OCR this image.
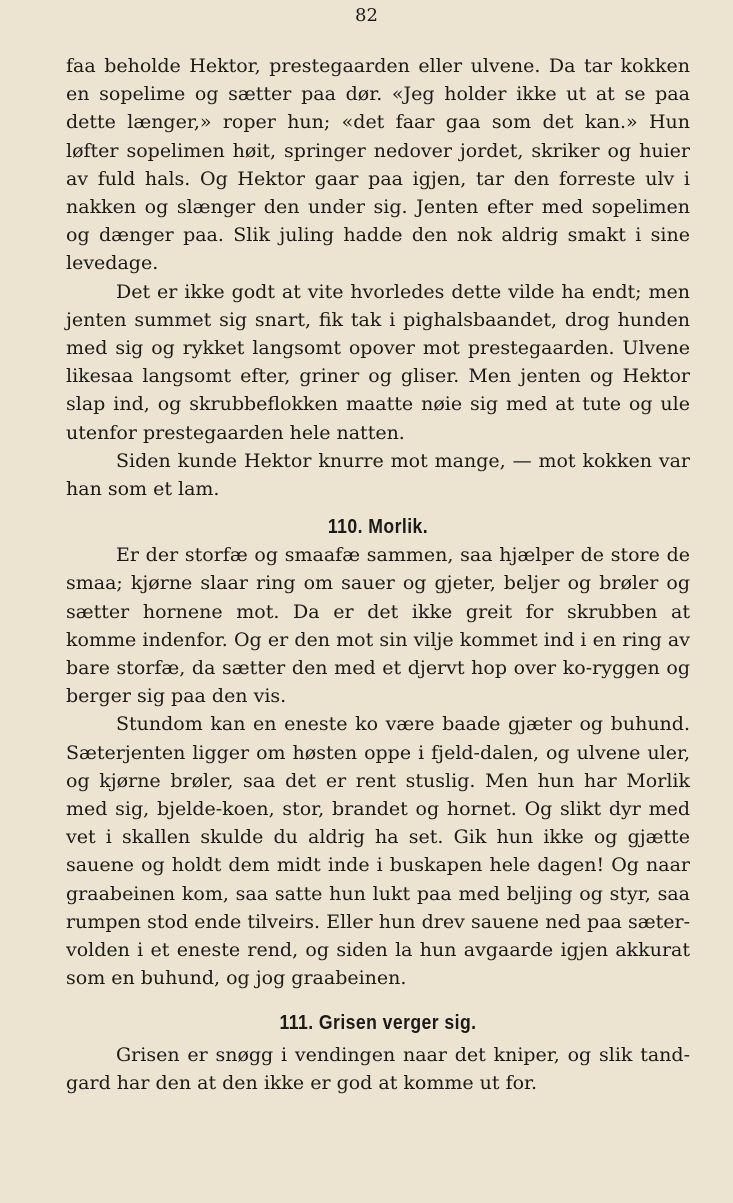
82

faa beholde Hektor, prestegaarden eller ulvene. Da tar kokken en sopelime og sætter paa dør. «Jeg holder ikke ut at se paa dette længer,» roper hun; «det faar gaa som det kan.» Hun løfter sopelimen høit, springer nedover jordet, skriker og huier av fuld hals. Og Hektor gaar paa igjen, tar den forreste ulv i nakken og slænger den under sig. Jenten efter med sopelimen og dænger paa. Slik juling hadde den nok aldrig smakt i sine levedage.

Det er ikke godt at vite hvorledes dette vilde ha endt; men jenten summet sig snart, fik tak i pighalsbaandet, drog hunden med sig og rykket langsomt opover mot prestegaarden. Ulvene likesaa langsomt efter, griner og gliser. Men jenten og Hektor slap ind, og skrubbeflokken maatte nøie sig med at tute og ule utenfor prestegaarden hele natten.

Siden kunde Hektor knurre mot mange, — mot kokken var han som et lam.

110. Morlik.

Er der storfæ og smaafæ sammen, saa hjælper de store de smaa; kjørne slaar ring om sauer og gjeter, beljer og brøler og sætter hornene mot. Da er det ikke greit for skrubben at komme indenfor. Og er den mot sin vilje kommet ind i en ring av bare storfæ, da sætter den med et djervt hop over ko-ryggen og berger sig paa den vis.

Stundom kan en eneste ko være baade gjæter og buhund. Sæterjenten ligger om høsten oppe i fjeld-dalen, og ulvene uler, og kjørne brøler, saa det er rent stuslig. Men hun har Morlik med sig, bjelde-koen, stor, brandet og hornet. Og slikt dyr med vet i skallen skulde du aldrig ha set. Gik hun ikke og gjætte sauene og holdt dem midt inde i buskapen hele dagen! Og naar graabeinen kom, saa satte hun lukt paa med beljing og styr, saa rumpen stod ende tilveirs. Eller hun drev sauene ned paa sæter-volden i et eneste rend, og siden la hun avgaarde igjen akkurat som en buhund, og jog graabeinen.

111. Grisen verger sig.

Grisen er snøgg i vendingen naar det kniper, og slik tand-gard har den at den ikke er god at komme ut for.
